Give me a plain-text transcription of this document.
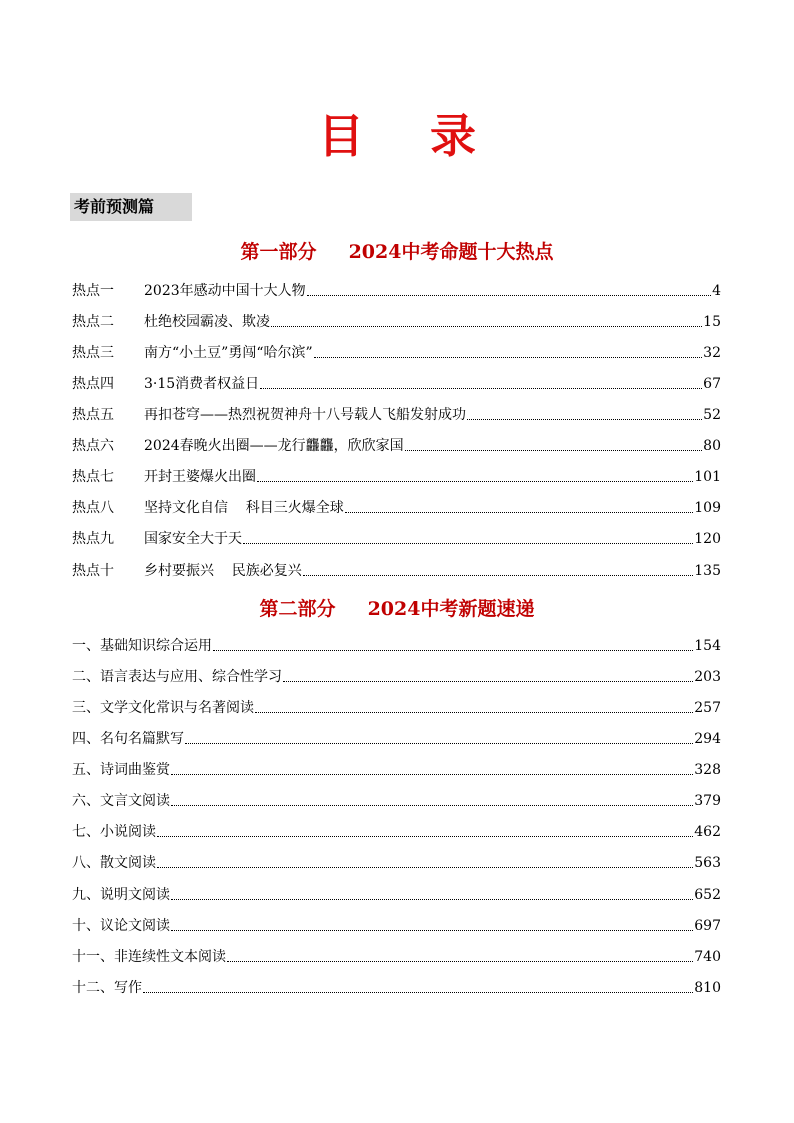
目录
考前预测篇
第一部分 2024中考命题十大热点
热点一	2023年感动中国十大人物	4
热点二	杜绝校园霸凌、欺凌	15
热点三	南方“小土豆”勇闯“哈尔滨”	32
热点四	3·15消费者权益日	67
热点五	再扣苍穹——热烈祝贺神舟十八号载人飞船发射成功	52
热点六	2024春晚火出圈——龙行龘龘，欣欣家国	80
热点七	开封王婆爆火出圈	101
热点八	坚持文化自信    科目三火爆全球	109
热点九	国家安全大于天	120
热点十	乡村要振兴    民族必复兴	135
第二部分 2024中考新题速递
一、基础知识综合运用	154
二、语言表达与应用、综合性学习	203
三、文学文化常识与名著阅读	257
四、名句名篇默写	294
五、诗词曲鉴赏	328
六、文言文阅读	379
七、小说阅读	462
八、散文阅读	563
九、说明文阅读	652
十、议论文阅读	697
十一、非连续性文本阅读	740
十二、写作	810
